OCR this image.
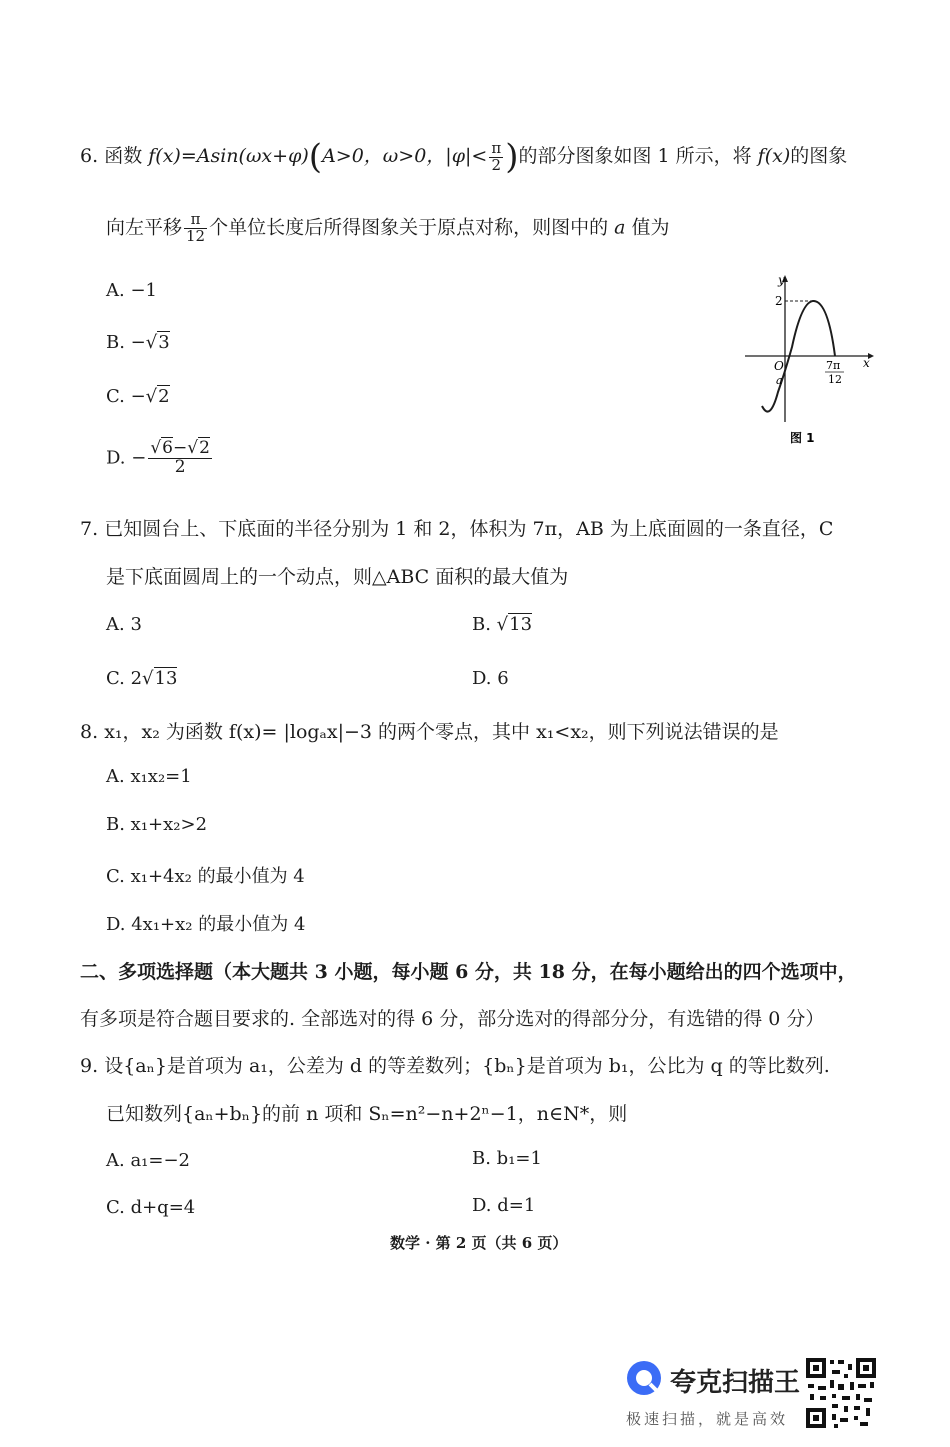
6. 函数 f(x)=Asin(ωx+φ)(A>0，ω>0，$|\varphi|< \frac{\pi}{2}$ )的部分图象如图 1 所示，将 f(x)的图象
向左平移 $\frac{\pi}{12}$ 个单位长度后所得图象关于原点对称，则图中的 a 值为
A. −1
B. −√3
C. −√2
D. − $\frac{√6-√2}{2}$
y
x
O
2
a
7π
12
图 1
7. 已知圆台上、下底面的半径分别为 1 和 2，体积为 7π，AB 为上底面圆的一条直径，C
是下底面圆周上的一个动点，则△ABC 面积的最大值为
A. 3	B. √13
C. 2√13	D. 6
8. x₁，x₂ 为函数 f(x)= |logₐx|−3 的两个零点，其中 x₁<x₂，则下列说法错误的是
A. x₁x₂=1
B. x₁+x₂>2
C. x₁+4x₂ 的最小值为 4
D. 4x₁+x₂ 的最小值为 4
二、多项选择题（本大题共 3 小题，每小题 6 分，共 18 分，在每小题给出的四个选项中，
有多项是符合题目要求的. 全部选对的得 6 分，部分选对的得部分分，有选错的得 0 分）
9. 设{aₙ}是首项为 a₁，公差为 d 的等差数列；{bₙ}是首项为 b₁，公比为 q 的等比数列.
已知数列{aₙ+bₙ}的前 n 项和 Sₙ=n²−n+2ⁿ−1，n∈N*，则
A. a₁=−2	B. b₁=1
C. d+q=4	D. d=1
数学 · 第 2 页（共 6 页）
夸克扫描王
极速扫描，就是高效
